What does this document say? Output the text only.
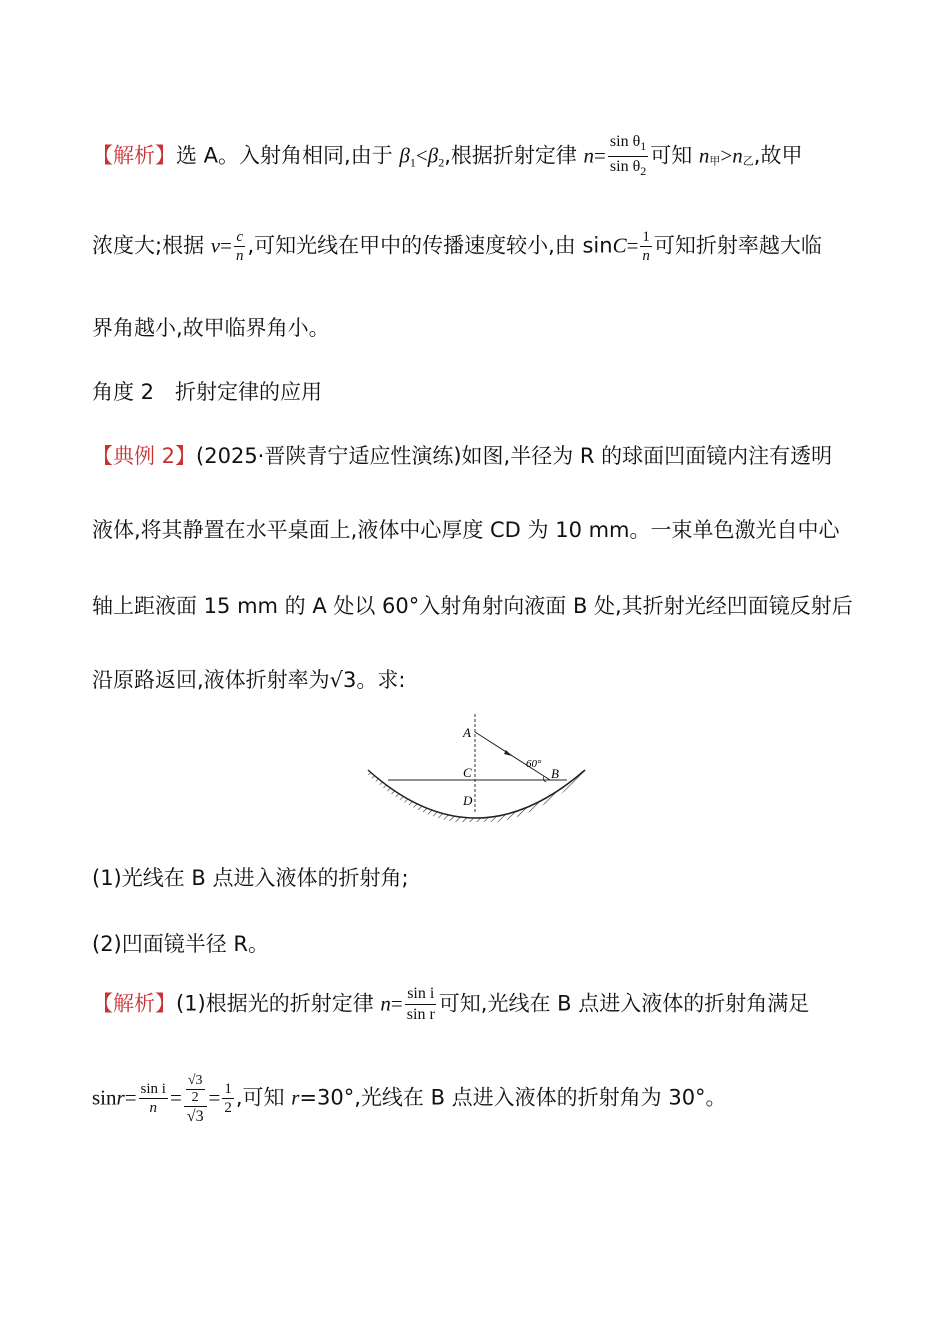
【解析】选 A。入射角相同,由于 $\beta_1<\beta_2$,根据折射定律 $n= \frac{\sin \theta_1}{\sin \theta_2}$ 可知 n甲>n乙,故甲
浓度大;根据 $v= \frac{c}{n}$ ,可知光线在甲中的传播速度较小,由 $\sin C= \frac{1}{n}$ 可知折射率越大临
界角越小,故甲临界角小。
角度 2　折射定律的应用
【典例 2】(2025·晋陕青宁适应性演练)如图,半径为 R 的球面凹面镜内注有透明
液体,将其静置在水平桌面上,液体中心厚度 CD 为 10 mm。一束单色激光自中心
轴上距液面 15 mm 的 A 处以 60°入射角射向液面 B 处,其折射光经凹面镜反射后
沿原路返回,液体折射率为√3。求:
A
C
D
B
60°
(1)光线在 B 点进入液体的折射角;
(2)凹面镜半径 R。
【解析】(1)根据光的折射定律 $n= \frac{\text{sin i}}{\text{sin r}}$ 可知,光线在 B 点进入液体的折射角满足
$\sin r= \frac{\text{sin i}}{n} = \frac{\frac{√3}{2}}{√3} = \frac{1}{2}$ ,可知 r=30°,光线在 B 点进入液体的折射角为 30°。
